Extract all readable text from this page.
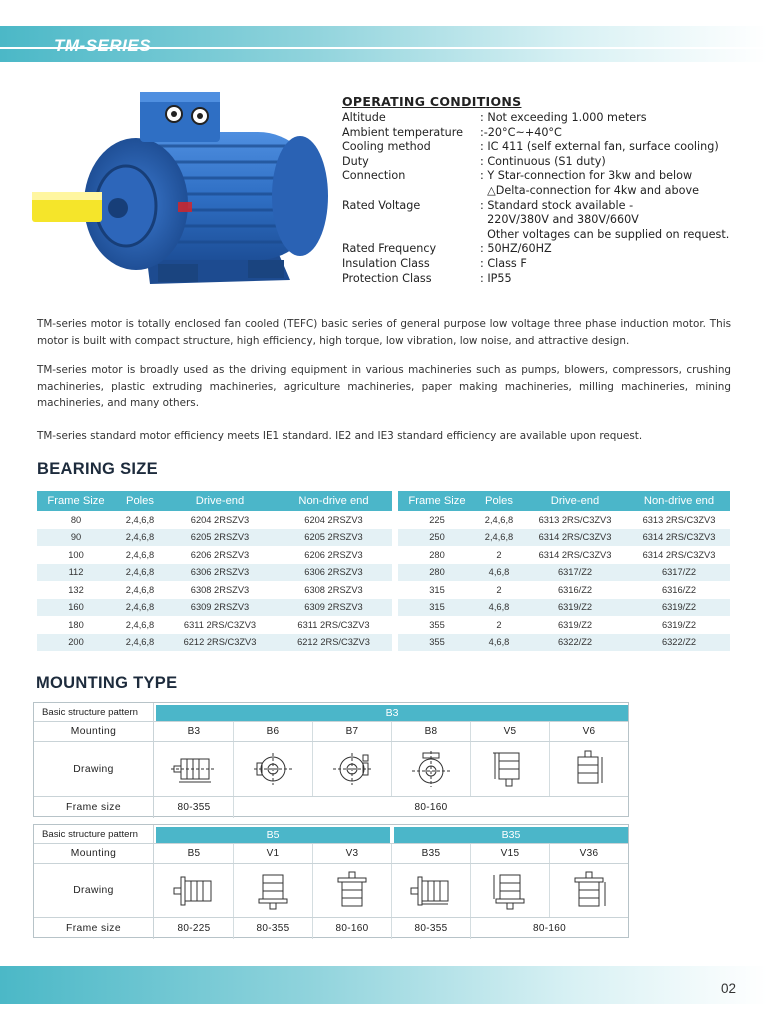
TM-SERIES
OPERATING CONDITIONS
Altitude	: Not exceeding 1.000 meters
Ambient temperature	:-20°C~+40°C
Cooling method	: IC 411 (self external fan, surface cooling)
Duty	: Continuous (S1 duty)
Connection	: Y Star-connection for 3kw and below
△Delta-connection for 4kw and above
Rated Voltage	: Standard stock available -
220V/380V and 380V/660V
Other voltages can be supplied on request.
Rated Frequency	: 50HZ/60HZ
Insulation Class	: Class F
Protection Class	: IP55

TM-series motor is totally enclosed fan cooled (TEFC) basic series of general purpose low voltage three phase induction motor. This motor is built with compact structure, high efficiency, high torque, low vibration, low noise, and attractive design.

TM-series motor is broadly used as the driving equipment in various machineries such as pumps, blowers, compressors, crushing machineries, plastic extruding machineries, agriculture machineries, paper making machineries, milling machineries, mining machineries, and many others.

TM-series standard motor efficiency meets IE1 standard. IE2 and IE3 standard efficiency are available upon request.

BEARING SIZE
Frame Size	Poles	Drive-end	Non-drive end
80	2,4,6,8	6204 2RSZV3	6204 2RSZV3
90	2,4,6,8	6205 2RSZV3	6205 2RSZV3
100	2,4,6,8	6206 2RSZV3	6206 2RSZV3
112	2,4,6,8	6306 2RSZV3	6306 2RSZV3
132	2,4,6,8	6308 2RSZV3	6308 2RSZV3
160	2,4,6,8	6309 2RSZV3	6309 2RSZV3
180	2,4,6,8	6311 2RS/C3ZV3	6311 2RS/C3ZV3
200	2,4,6,8	6212 2RS/C3ZV3	6212 2RS/C3ZV3
Frame Size	Poles	Drive-end	Non-drive end
225	2,4,6,8	6313 2RS/C3ZV3	6313 2RS/C3ZV3
250	2,4,6,8	6314 2RS/C3ZV3	6314 2RS/C3ZV3
280	2	6314 2RS/C3ZV3	6314 2RS/C3ZV3
280	4,6,8	6317/Z2	6317/Z2
315	2	6316/Z2	6316/Z2
315	4,6,8	6319/Z2	6319/Z2
355	2	6319/Z2	6319/Z2
355	4,6,8	6322/Z2	6322/Z2
MOUNTING TYPE
Basic structure pattern	B3
Mounting	B3	B6	B7	B8	V5	V6
Drawing
Frame size	80-355	80-160
Basic structure pattern	B5	B35
Mounting	B5	V1	V3	B35	V15	V36
Drawing
Frame size	80-225	80-355	80-160	80-355	80-160
02
